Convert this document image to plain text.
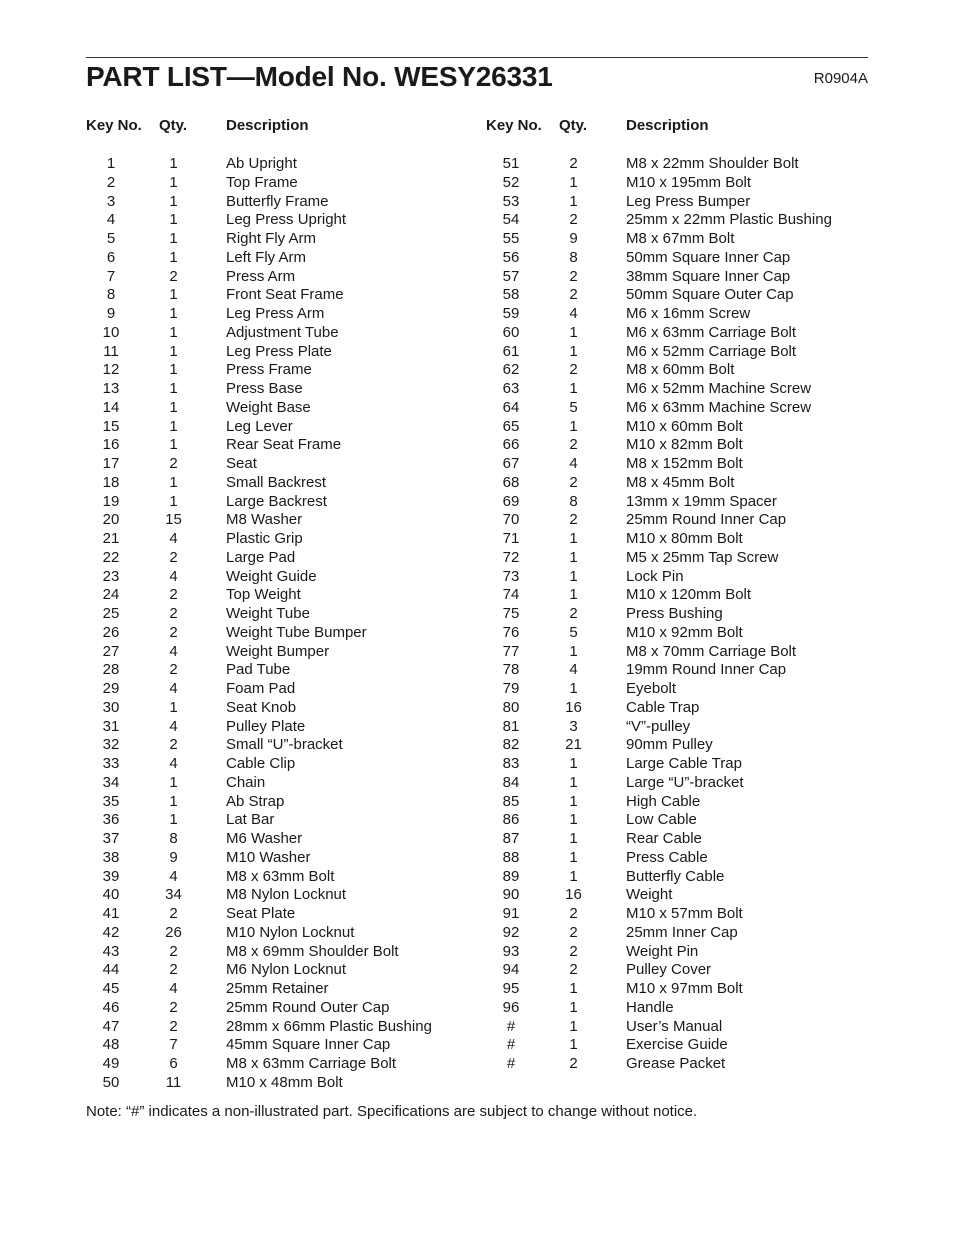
PART LIST—Model No. WESY26331	R0904A
Key No. Qty.	Description
1	1	Ab Upright
2	1	Top Frame
3	1	Butterfly Frame
4	1	Leg Press Upright
5	1	Right Fly Arm
6	1	Left Fly Arm
7	2	Press Arm
8	1	Front Seat Frame
9	1	Leg Press Arm
10	1	Adjustment Tube
11	1	Leg Press Plate
12	1	Press Frame
13	1	Press Base
14	1	Weight Base
15	1	Leg Lever
16	1	Rear Seat Frame
17	2	Seat
18	1	Small Backrest
19	1	Large Backrest
20	15	M8 Washer
21	4	Plastic Grip
22	2	Large Pad
23	4	Weight Guide
24	2	Top Weight
25	2	Weight Tube
26	2	Weight Tube Bumper
27	4	Weight Bumper
28	2	Pad Tube
29	4	Foam Pad
30	1	Seat Knob
31	4	Pulley Plate
32	2	Small “U”-bracket
33	4	Cable Clip
34	1	Chain
35	1	Ab Strap
36	1	Lat Bar
37	8	M6 Washer
38	9	M10 Washer
39	4	M8 x 63mm Bolt
40	34	M8 Nylon Locknut
41	2	Seat Plate
42	26	M10 Nylon Locknut
43	2	M8 x 69mm Shoulder Bolt
44	2	M6 Nylon Locknut
45	4	25mm Retainer
46	2	25mm Round Outer Cap
47	2	28mm x 66mm Plastic Bushing
48	7	45mm Square Inner Cap
49	6	M8 x 63mm Carriage Bolt
50	11	M10 x 48mm Bolt
Key No. Qty.	Description
51	2	M8 x 22mm Shoulder Bolt
52	1	M10 x 195mm Bolt
53	1	Leg Press Bumper
54	2	25mm x 22mm Plastic Bushing
55	9	M8 x 67mm Bolt
56	8	50mm Square Inner Cap
57	2	38mm Square Inner Cap
58	2	50mm Square Outer Cap
59	4	M6 x 16mm Screw
60	1	M6 x 63mm Carriage Bolt
61	1	M6 x 52mm Carriage Bolt
62	2	M8 x 60mm Bolt
63	1	M6 x 52mm Machine Screw
64	5	M6 x 63mm Machine Screw
65	1	M10 x 60mm Bolt
66	2	M10 x 82mm Bolt
67	4	M8 x 152mm Bolt
68	2	M8 x 45mm Bolt
69	8	13mm x 19mm Spacer
70	2	25mm Round Inner Cap
71	1	M10 x 80mm Bolt
72	1	M5 x 25mm Tap Screw
73	1	Lock Pin
74	1	M10 x 120mm Bolt
75	2	Press Bushing
76	5	M10 x 92mm Bolt
77	1	M8 x 70mm Carriage Bolt
78	4	19mm Round Inner Cap
79	1	Eyebolt
80	16	Cable Trap
81	3	“V”-pulley
82	21	90mm Pulley
83	1	Large Cable Trap
84	1	Large “U”-bracket
85	1	High Cable
86	1	Low Cable
87	1	Rear Cable
88	1	Press Cable
89	1	Butterfly Cable
90	16	Weight
91	2	M10 x 57mm Bolt
92	2	25mm Inner Cap
93	2	Weight Pin
94	2	Pulley Cover
95	1	M10 x 97mm Bolt
96	1	Handle
#	1	User’s Manual
#	1	Exercise Guide
#	2	Grease Packet
Note: “#” indicates a non-illustrated part. Specifications are subject to change without notice.
